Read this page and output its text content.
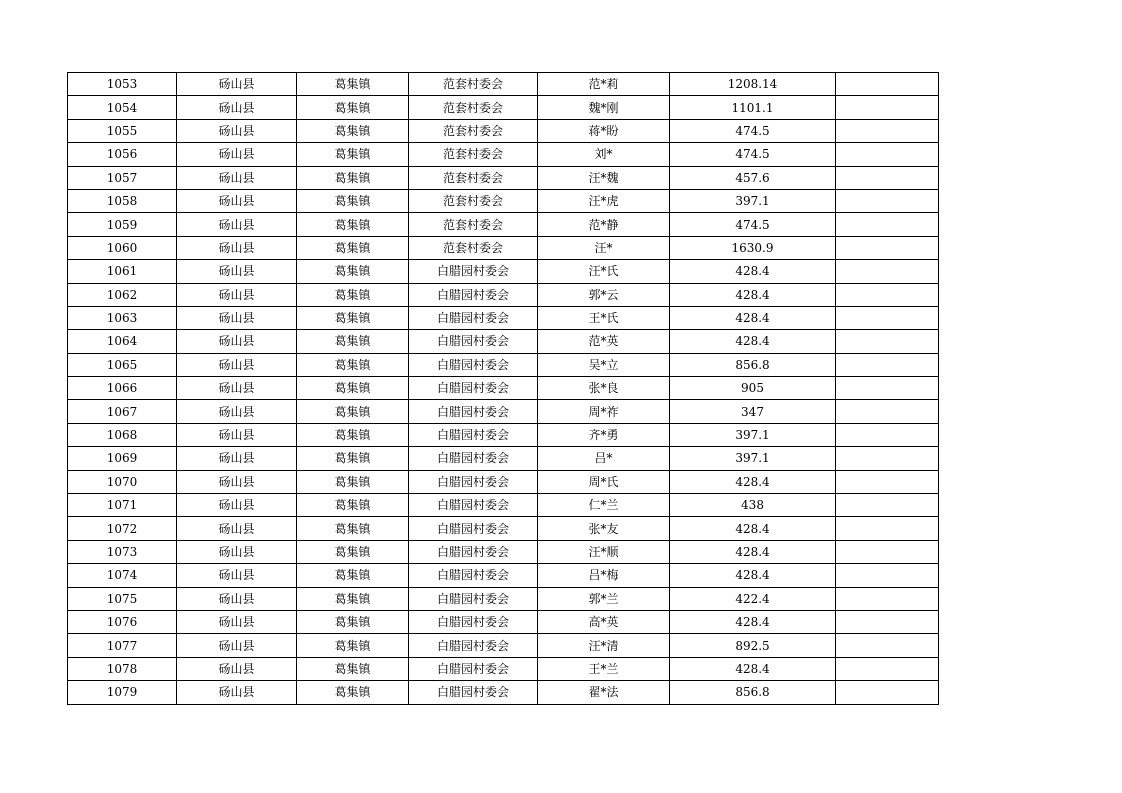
1053	砀山县	葛集镇	范套村委会	范*莉	1208.14	
1054	砀山县	葛集镇	范套村委会	魏*刚	1101.1	
1055	砀山县	葛集镇	范套村委会	蒋*盼	474.5	
1056	砀山县	葛集镇	范套村委会	刘*	474.5	
1057	砀山县	葛集镇	范套村委会	汪*魏	457.6	
1058	砀山县	葛集镇	范套村委会	汪*虎	397.1	
1059	砀山县	葛集镇	范套村委会	范*静	474.5	
1060	砀山县	葛集镇	范套村委会	汪*	1630.9	
1061	砀山县	葛集镇	白腊园村委会	汪*氏	428.4	
1062	砀山县	葛集镇	白腊园村委会	郭*云	428.4	
1063	砀山县	葛集镇	白腊园村委会	王*氏	428.4	
1064	砀山县	葛集镇	白腊园村委会	范*英	428.4	
1065	砀山县	葛集镇	白腊园村委会	吴*立	856.8	
1066	砀山县	葛集镇	白腊园村委会	张*良	905	
1067	砀山县	葛集镇	白腊园村委会	周*祚	347	
1068	砀山县	葛集镇	白腊园村委会	齐*勇	397.1	
1069	砀山县	葛集镇	白腊园村委会	吕*	397.1	
1070	砀山县	葛集镇	白腊园村委会	周*氏	428.4	
1071	砀山县	葛集镇	白腊园村委会	仁*兰	438	
1072	砀山县	葛集镇	白腊园村委会	张*友	428.4	
1073	砀山县	葛集镇	白腊园村委会	汪*顺	428.4	
1074	砀山县	葛集镇	白腊园村委会	吕*梅	428.4	
1075	砀山县	葛集镇	白腊园村委会	郭*兰	422.4	
1076	砀山县	葛集镇	白腊园村委会	高*英	428.4	
1077	砀山县	葛集镇	白腊园村委会	汪*清	892.5	
1078	砀山县	葛集镇	白腊园村委会	王*兰	428.4	
1079	砀山县	葛集镇	白腊园村委会	翟*法	856.8	
